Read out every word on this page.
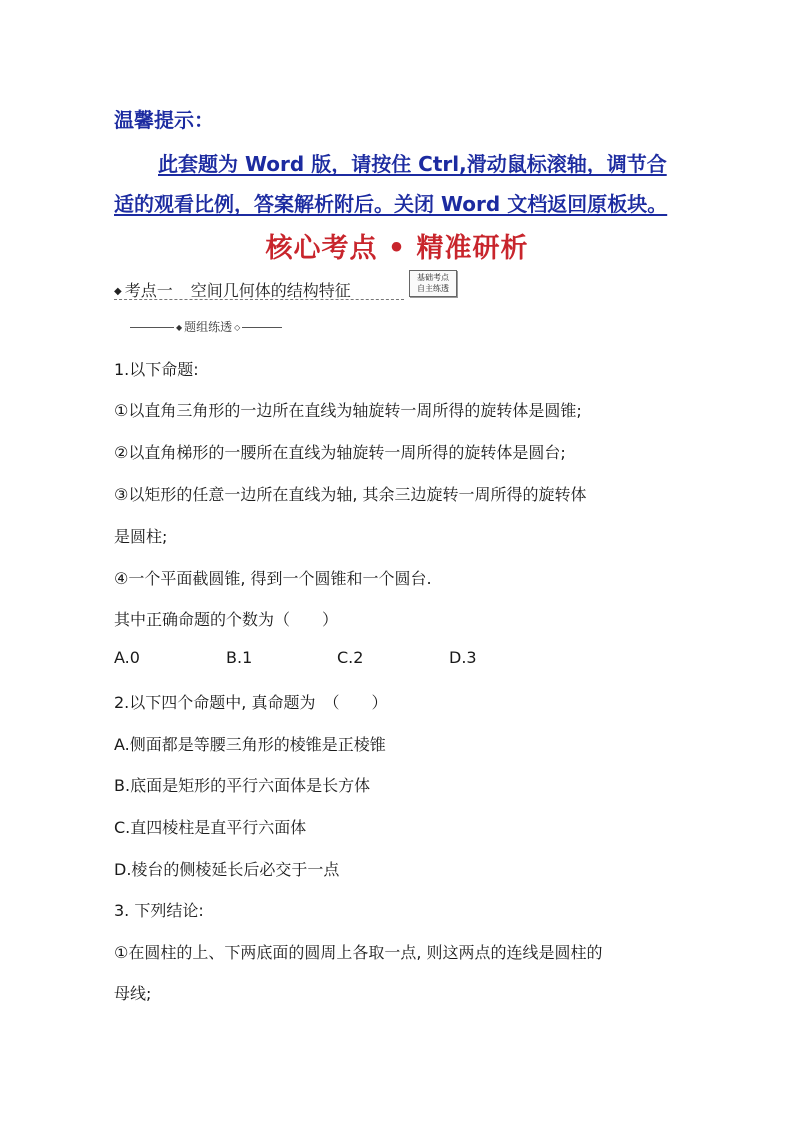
温馨提示：
此套题为 Word 版，请按住 Ctrl,滑动鼠标滚轴，调节合
适的观看比例，答案解析附后。关闭 Word 文档返回原板块。
核心考点 • 精准研析
◆ 考点一 空间几何体的结构特征
基础考点
自主练透
◆ 题组练透 ◇
1.以下命题:
①以直角三角形的一边所在直线为轴旋转一周所得的旋转体是圆锥;
②以直角梯形的一腰所在直线为轴旋转一周所得的旋转体是圆台;
③以矩形的任意一边所在直线为轴, 其余三边旋转一周所得的旋转体
是圆柱;
④一个平面截圆锥, 得到一个圆锥和一个圆台.
其中正确命题的个数为（　　）
A.0	B.1	C.2	D.3
2.以下四个命题中, 真命题为　（　　）
A.侧面都是等腰三角形的棱锥是正棱锥
B.底面是矩形的平行六面体是长方体
C.直四棱柱是直平行六面体
D.棱台的侧棱延长后必交于一点
3. 下列结论:
①在圆柱的上、下两底面的圆周上各取一点, 则这两点的连线是圆柱的
母线;
